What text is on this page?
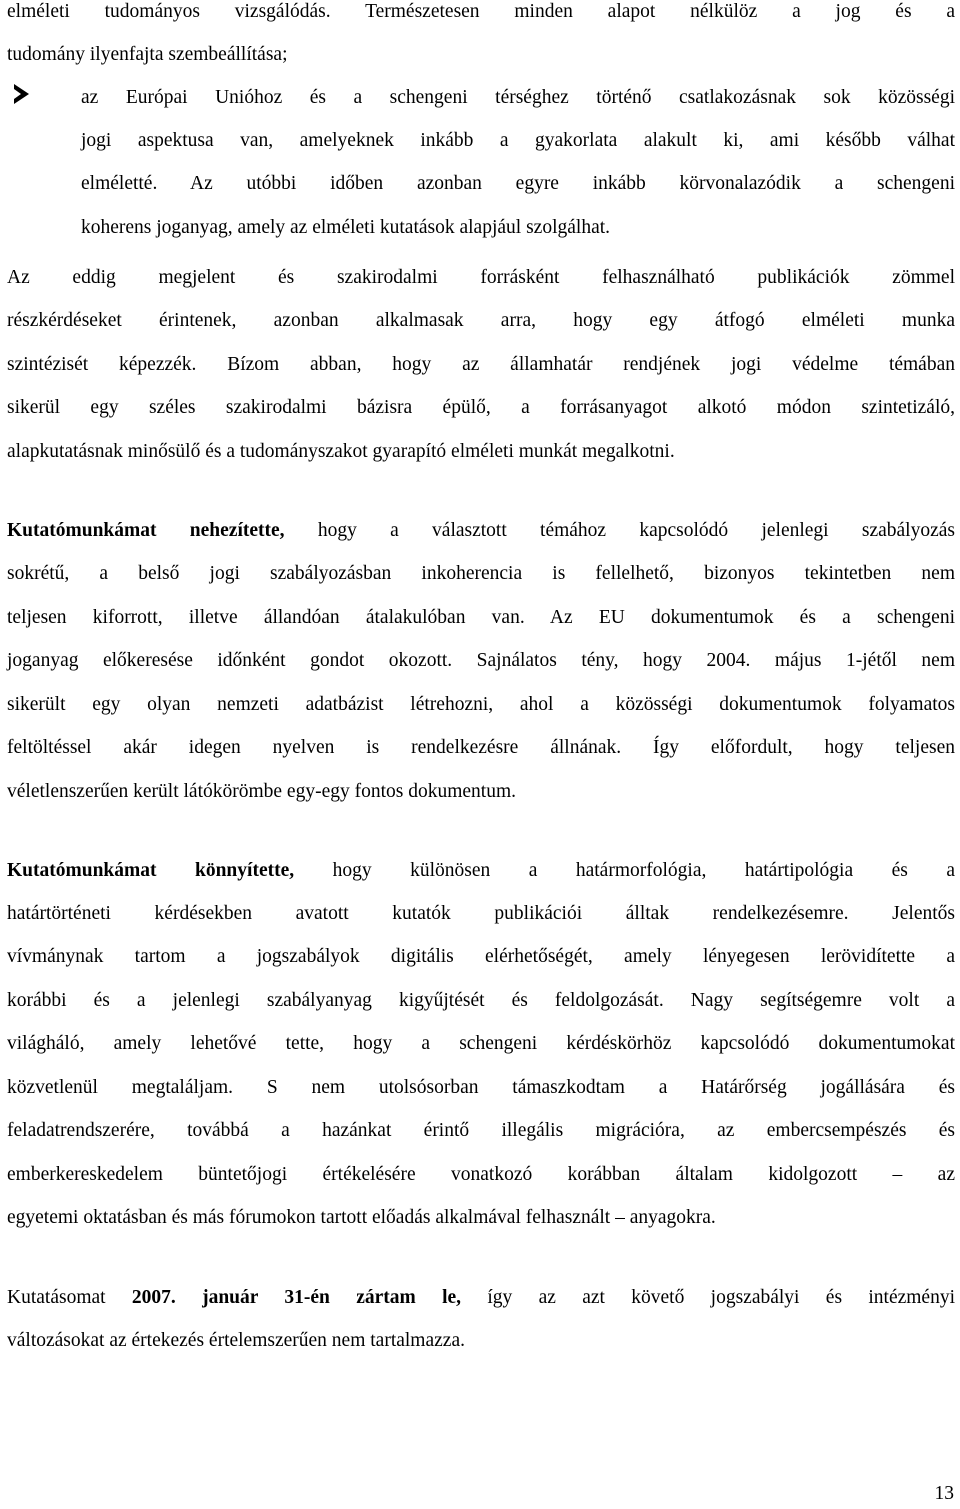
elméleti tudományos vizsgálódás. Természetesen minden alapot nélkülöz a jog és a
tudomány ilyenfajta szembeállítása;
az Európai Unióhoz és a schengeni térséghez történő csatlakozásnak sok közösségi
jogi aspektusa van, amelyeknek inkább a gyakorlata alakult ki, ami később válhat
elméletté. Az utóbbi időben azonban egyre inkább körvonalazódik a schengeni
koherens joganyag, amely az elméleti kutatások alapjául szolgálhat.
Az eddig megjelent és szakirodalmi forrásként felhasználható publikációk zömmel
részkérdéseket érintenek, azonban alkalmasak arra, hogy egy átfogó elméleti munka
szintézisét képezzék. Bízom abban, hogy az államhatár rendjének jogi védelme témában
sikerül egy széles szakirodalmi bázisra épülő, a forrásanyagot alkotó módon szintetizáló,
alapkutatásnak minősülő és a tudományszakot gyarapító elméleti munkát megalkotni.
Kutatómunkámat nehezítette, hogy a választott témához kapcsolódó jelenlegi szabályozás
sokrétű, a belső jogi szabályozásban inkoherencia is fellelhető, bizonyos tekintetben nem
teljesen kiforrott, illetve állandóan átalakulóban van. Az EU dokumentumok és a schengeni
joganyag előkeresése időnként gondot okozott. Sajnálatos tény, hogy 2004. május 1-jétől nem
sikerült egy olyan nemzeti adatbázist létrehozni, ahol a közösségi dokumentumok folyamatos
feltöltéssel akár idegen nyelven is rendelkezésre állnának. Így előfordult, hogy teljesen
véletlenszerűen került látókörömbe egy-egy fontos dokumentum.
Kutatómunkámat könnyítette, hogy különösen a határmorfológia, határtipológia és a
határtörténeti kérdésekben avatott kutatók publikációi álltak rendelkezésemre. Jelentős
vívmánynak tartom a jogszabályok digitális elérhetőségét, amely lényegesen lerövidítette a
korábbi és a jelenlegi szabályanyag kigyűjtését és feldolgozását. Nagy segítségemre volt a
világháló, amely lehetővé tette, hogy a schengeni kérdéskörhöz kapcsolódó dokumentumokat
közvetlenül megtaláljam. S nem utolsósorban támaszkodtam a Határőrség jogállására és
feladatrendszerére, továbbá a hazánkat érintő illegális migrációra, az embercsempészés és
emberkereskedelem büntetőjogi értékelésére vonatkozó korábban általam kidolgozott – az
egyetemi oktatásban és más fórumokon tartott előadás alkalmával felhasznált – anyagokra.
Kutatásomat 2007. január 31-én zártam le, így az azt követő jogszabályi és intézményi
változásokat az értekezés értelemszerűen nem tartalmazza.
13
